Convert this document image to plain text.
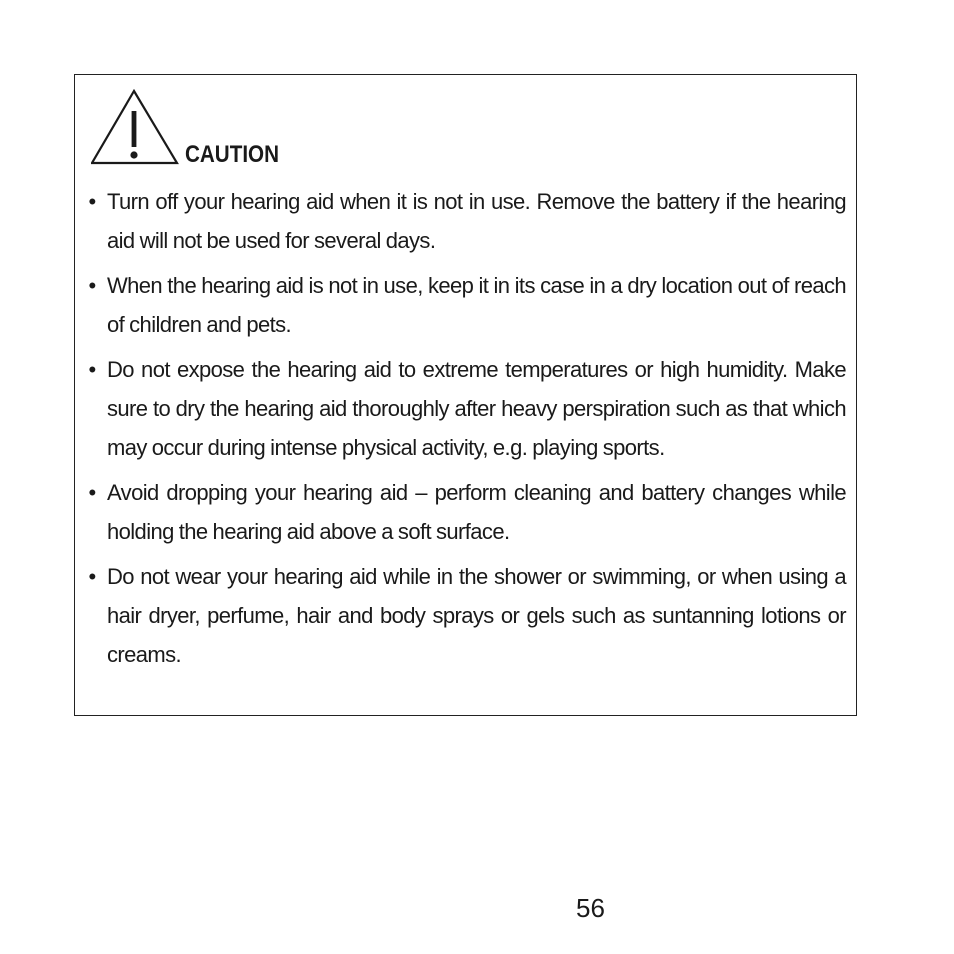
CAUTION
• Turn off your hearing aid when it is not in use. Remove the battery if the hearing aid will not be used for several days.
• When the hearing aid is not in use, keep it in its case in a dry location out of reach of children and pets.
• Do not expose the hearing aid to extreme temperatures or high humidity. Make sure to dry the hearing aid thoroughly after heavy perspiration such as that which may occur during intense physical activity, e.g. playing sports.
• Avoid dropping your hearing aid – perform cleaning and battery changes while holding the hearing aid above a soft surface.
• Do not wear your hearing aid while in the shower or swimming, or when using a hair dryer, perfume, hair and body sprays or gels such as suntanning lotions or creams.
56
